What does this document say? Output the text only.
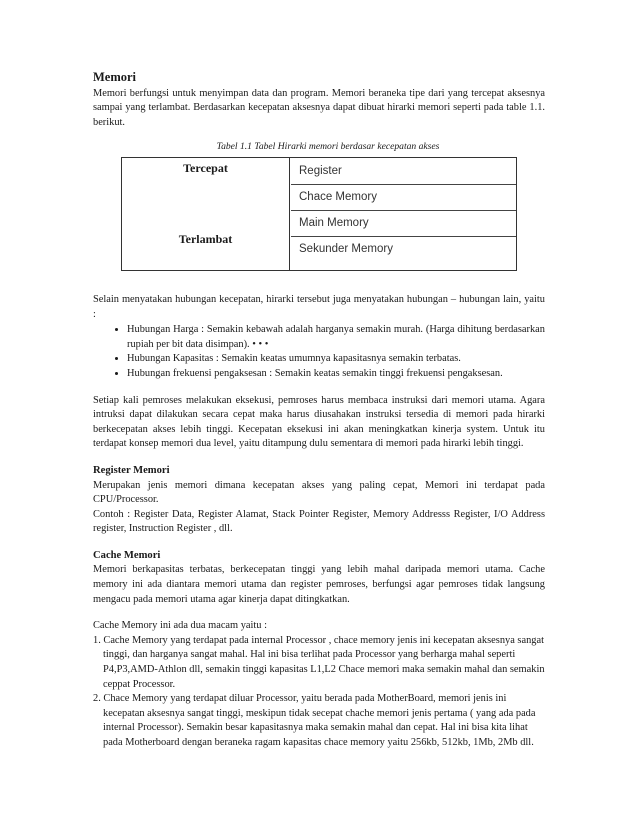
Memori

Memori berfungsi untuk menyimpan data dan program. Memori beraneka tipe dari yang tercepat aksesnya sampai yang terlambat. Berdasarkan kecepatan aksesnya dapat dibuat hirarki memori seperti pada table 1.1. berikut.

Tabel 1.1 Tabel Hirarki memori berdasar kecepatan akses
Tercepat
Terlambat
Register
Chace Memory
Main Memory
Sekunder Memory

Selain menyatakan hubungan kecepatan, hirarki tersebut juga menyatakan hubungan – hubungan lain, yaitu :

• Hubungan Harga : Semakin kebawah adalah harganya semakin murah. (Harga dihitung berdasarkan rupiah per bit data disimpan). • • •
• Hubungan Kapasitas : Semakin keatas umumnya kapasitasnya semakin terbatas.
• Hubungan frekuensi pengaksesan : Semakin keatas semakin tinggi frekuensi pengaksesan.

Setiap kali pemroses melakukan eksekusi, pemroses harus membaca instruksi dari memori utama. Agara intruksi dapat dilakukan secara cepat maka harus diusahakan instruksi tersedia di memori pada hirarki berkecepatan akses lebih tinggi. Kecepatan eksekusi ini akan meningkatkan kinerja system. Untuk itu terdapat konsep memori dua level, yaitu ditampung dulu sementara di memori pada hirarki lebih tinggi.

Register Memori

Merupakan jenis memori dimana kecepatan akses yang paling cepat, Memori ini terdapat pada CPU/Processor.

Contoh : Register Data, Register Alamat, Stack Pointer Register, Memory Addresss Register, I/O Address register, Instruction Register , dll.

Cache Memori

Memori berkapasitas terbatas, berkecepatan tinggi yang lebih mahal daripada memori utama. Cache memory ini ada diantara memori utama dan register pemroses, berfungsi agar pemroses tidak langsung mengacu pada memori utama agar kinerja dapat ditingkatkan.

Cache Memory ini ada dua macam yaitu :

1. Cache Memory yang terdapat pada internal Processor , chace memory jenis ini kecepatan aksesnya sangat tinggi, dan harganya sangat mahal. Hal ini bisa terlihat pada Processor yang berharga mahal seperti P4,P3,AMD-Athlon dll, semakin tinggi kapasitas L1,L2 Chace memori maka semakin mahal dan semakin ceppat Processor.
2. Chace Memory yang terdapat diluar Processor, yaitu berada pada MotherBoard, memori jenis ini kecepatan aksesnya sangat tinggi, meskipun tidak secepat chache memori jenis pertama ( yang ada pada internal Processor). Semakin besar kapasitasnya maka semakin mahal dan cepat. Hal ini bisa kita lihat pada Motherboard dengan beraneka ragam kapasitas chace memory yaitu 256kb, 512kb, 1Mb, 2Mb dll.
